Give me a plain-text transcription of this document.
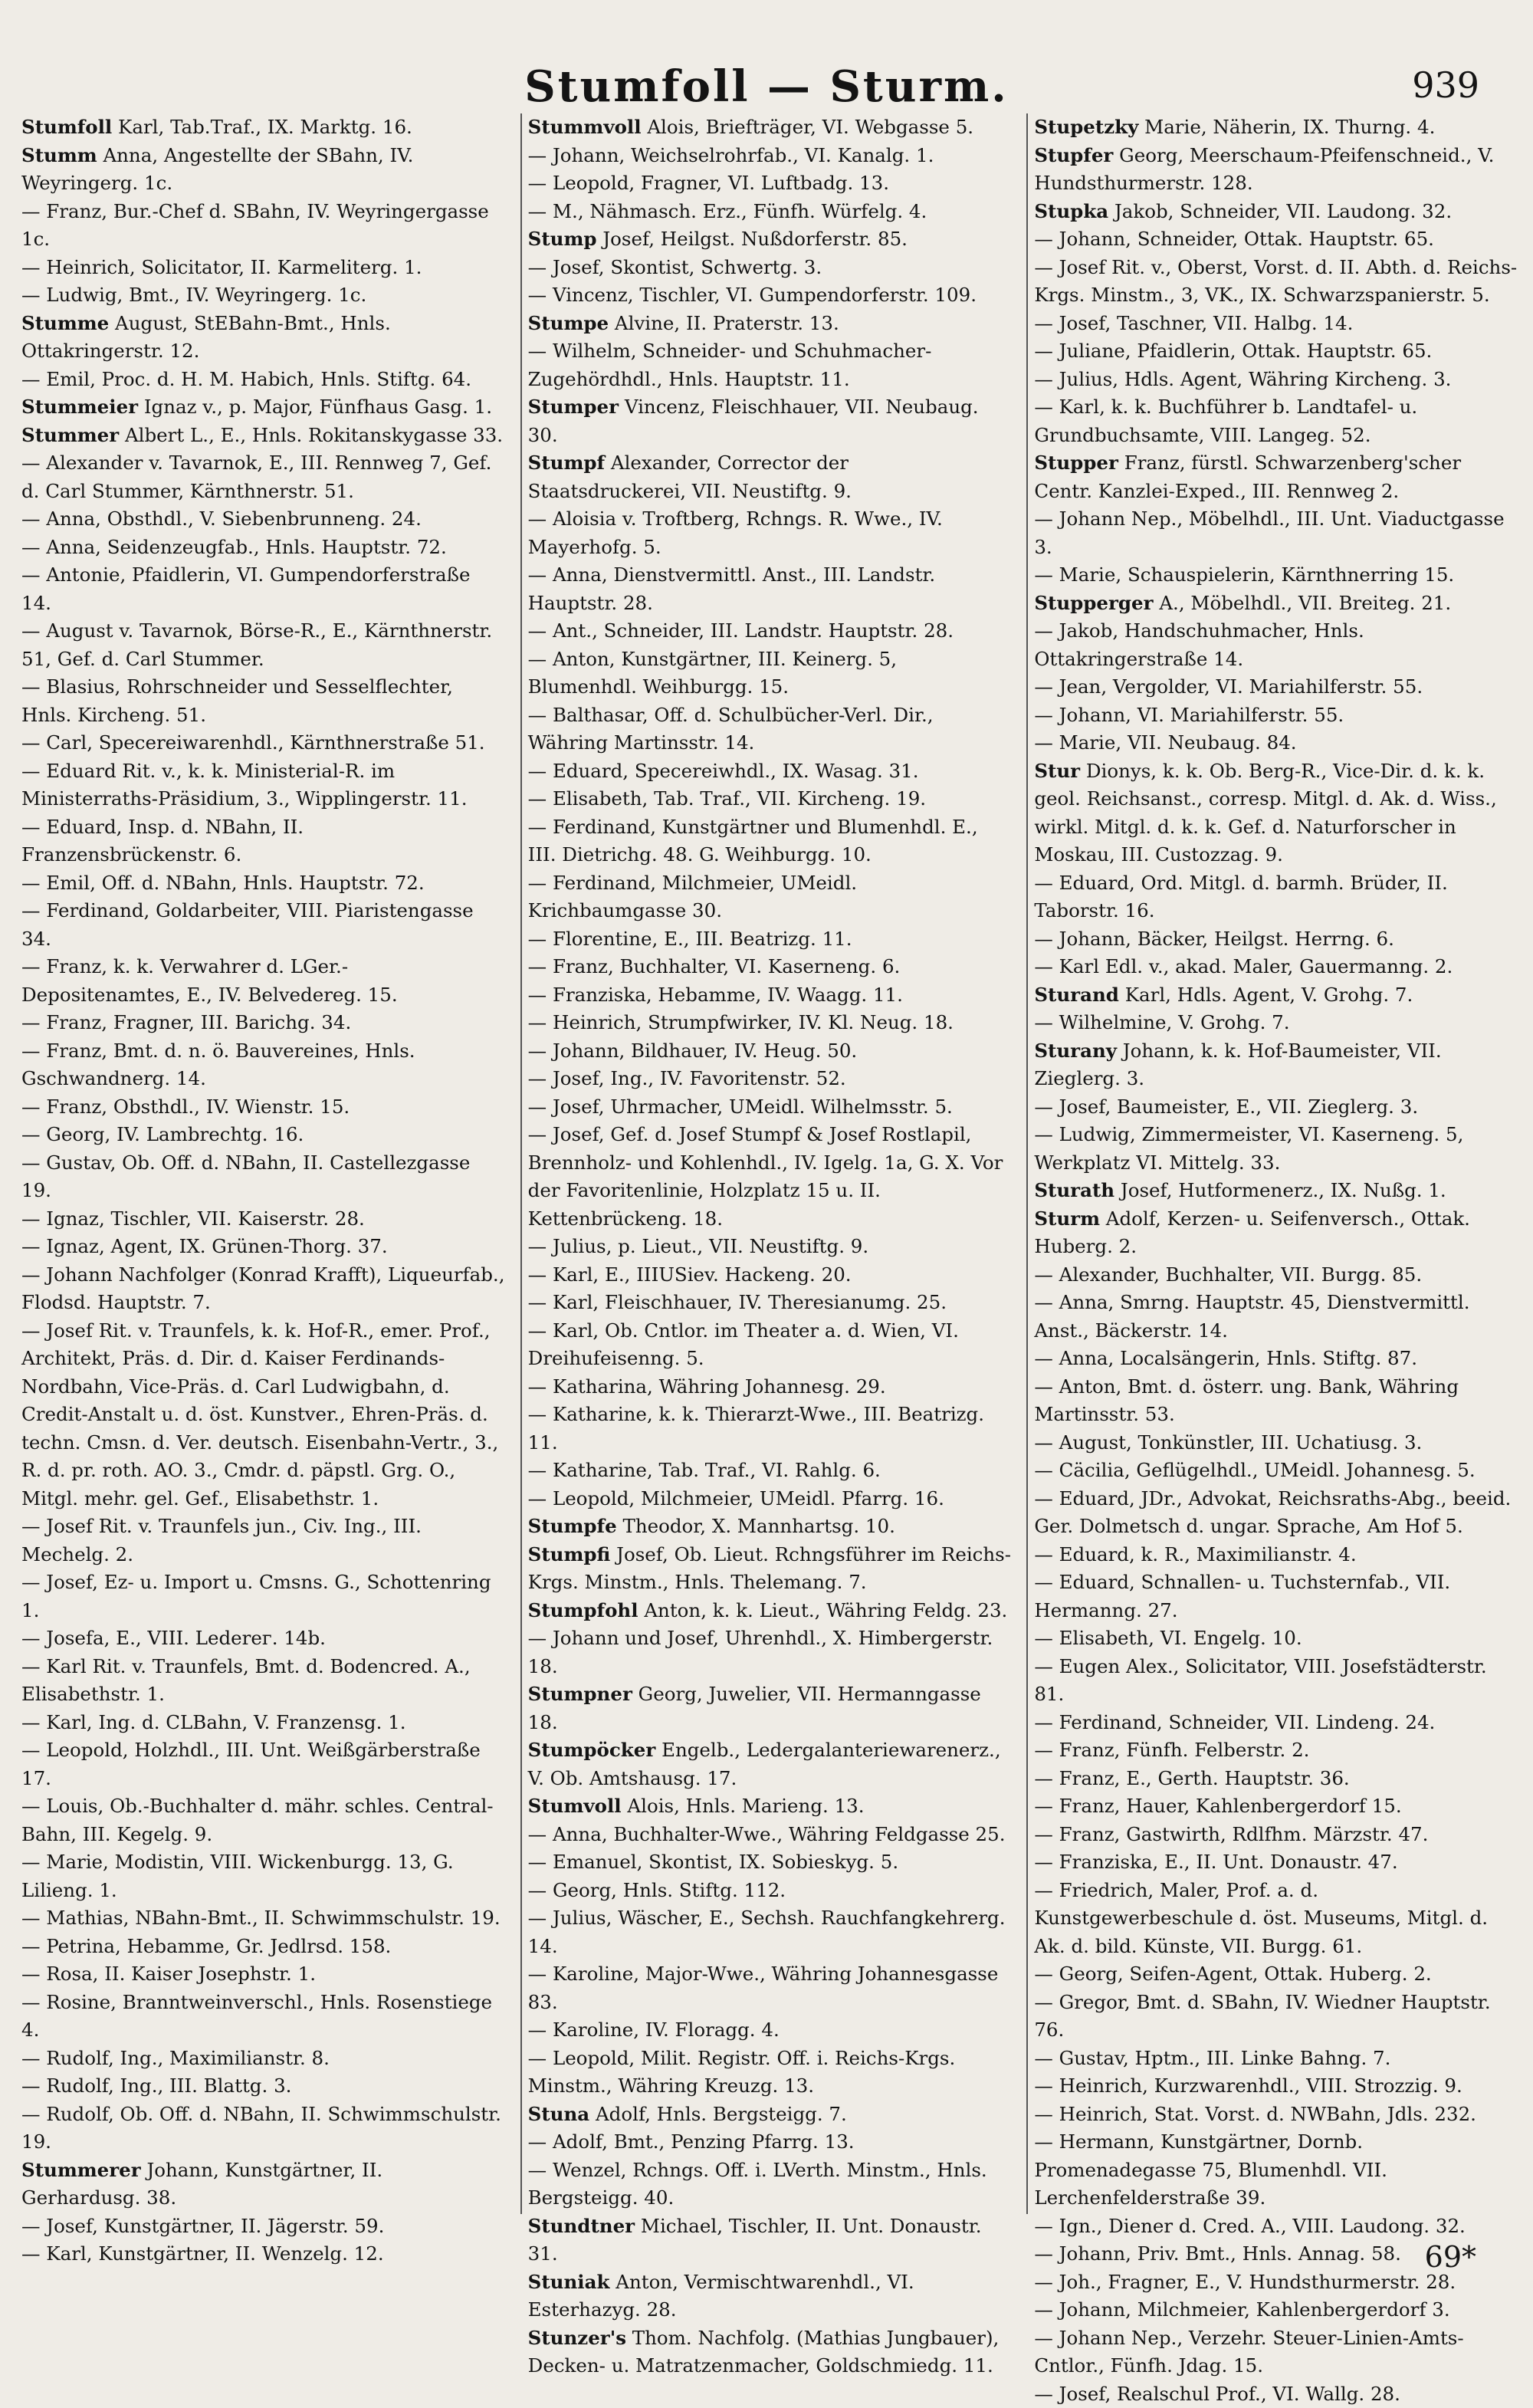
Stumfoll — Sturm.	939
Stumfoll Karl, Tab.Traf., IX. Marktg. 16.
Stumm Anna, Angestellte der SBahn, IV. Weyringerg. 1c.
— Franz, Bur.-Chef d. SBahn, IV. Weyringergasse 1c.
— Heinrich, Solicitator, II. Karmeliterg. 1.
— Ludwig, Bmt., IV. Weyringerg. 1c.
Stumme August, StEBahn-Bmt., Hnls. Ottakringerstr. 12.
— Emil, Proc. d. H. M. Habich, Hnls. Stiftg. 64.
Stummeier Ignaz v., p. Major, Fünfhaus Gasg. 1.
Stummer Albert L., E., Hnls. Rokitanskygasse 33.
— Alexander v. Tavarnok, E., III. Rennweg 7, Gef. d. Carl Stummer, Kärnthnerstr. 51.
— Anna, Obsthdl., V. Siebenbrunneng. 24.
— Anna, Seidenzeugfab., Hnls. Hauptstr. 72.
— Antonie, Pfaidlerin, VI. Gumpendorferstraße 14.
— August v. Tavarnok, Börse-R., E., Kärnthnerstr. 51, Gef. d. Carl Stummer.
— Blasius, Rohrschneider und Sesselflechter, Hnls. Kircheng. 51.
— Carl, Specereiwarenhdl., Kärnthnerstraße 51.
— Eduard Rit. v., k. k. Ministerial-R. im Ministerraths-Präsidium, 3., Wipplingerstr. 11.
— Eduard, Insp. d. NBahn, II. Franzensbrückenstr. 6.
— Emil, Off. d. NBahn, Hnls. Hauptstr. 72.
— Ferdinand, Goldarbeiter, VIII. Piaristengasse 34.
— Franz, k. k. Verwahrer d. LGer.-Depositenamtes, E., IV. Belvedereg. 15.
— Franz, Fragner, III. Barichg. 34.
— Franz, Bmt. d. n. ö. Bauvereines, Hnls. Gschwandnerg. 14.
— Franz, Obsthdl., IV. Wienstr. 15.
— Georg, IV. Lambrechtg. 16.
— Gustav, Ob. Off. d. NBahn, II. Castellezgasse 19.
— Ignaz, Tischler, VII. Kaiserstr. 28.
— Ignaz, Agent, IX. Grünen-Thorg. 37.
— Johann Nachfolger (Konrad Krafft), Liqueurfab., Flodsd. Hauptstr. 7.
— Josef Rit. v. Traunfels, k. k. Hof-R., emer. Prof., Architekt, Präs. d. Dir. d. Kaiser Ferdinands-Nordbahn, Vice-Präs. d. Carl Ludwigbahn, d. Credit-Anstalt u. d. öst. Kunstver., Ehren-Präs. d. techn. Cmsn. d. Ver. deutsch. Eisenbahn-Vertr., 3., R. d. pr. roth. AO. 3., Cmdr. d. päpstl. Grg. O., Mitgl. mehr. gel. Gef., Elisabethstr. 1.
— Josef Rit. v. Traunfels jun., Civ. Ing., III. Mechelg. 2.
— Josef, Ez- u. Import u. Cmsns. G., Schottenring 1.
— Josefa, E., VIII. Lederег. 14b.
— Karl Rit. v. Traunfels, Bmt. d. Bodencred. A., Elisabethstr. 1.
— Karl, Ing. d. CLBahn, V. Franzensg. 1.
— Leopold, Holzhdl., III. Unt. Weißgärberstraße 17.
— Louis, Ob.-Buchhalter d. mähr. schles. Central-Bahn, III. Kegelg. 9.
— Marie, Modistin, VIII. Wickenburgg. 13, G. Lilieng. 1.
— Mathias, NBahn-Bmt., II. Schwimmschulstr. 19.
— Petrina, Hebamme, Gr. Jedlrsd. 158.
— Rosa, II. Kaiser Josephstr. 1.
— Rosine, Branntweinverschl., Hnls. Rosenstiege 4.
— Rudolf, Ing., Maximilianstr. 8.
— Rudolf, Ing., III. Blattg. 3.
— Rudolf, Ob. Off. d. NBahn, II. Schwimmschulstr. 19.
Stummerer Johann, Kunstgärtner, II. Gerhardusg. 38.
— Josef, Kunstgärtner, II. Jägerstr. 59.
— Karl, Kunstgärtner, II. Wenzelg. 12.
Stummvoll Alois, Briefträger, VI. Webgasse 5.
— Johann, Weichselrohrfab., VI. Kanalg. 1.
— Leopold, Fragner, VI. Luftbadg. 13.
— M., Nähmasch. Erz., Fünfh. Würfelg. 4.
Stump Josef, Heilgst. Nußdorferstr. 85.
— Josef, Skontist, Schwertg. 3.
— Vincenz, Tischler, VI. Gumpendorferstr. 109.
Stumpe Alvine, II. Praterstr. 13.
— Wilhelm, Schneider- und Schuhmacher-Zugehördhdl., Hnls. Hauptstr. 11.
Stumper Vincenz, Fleischhauer, VII. Neubaug. 30.
Stumpf Alexander, Corrector der Staatsdruckerei, VII. Neustiftg. 9.
— Aloisia v. Troftberg, Rchngs. R. Wwe., IV. Mayerhofg. 5.
— Anna, Dienstvermittl. Anst., III. Landstr. Hauptstr. 28.
— Ant., Schneider, III. Landstr. Hauptstr. 28.
— Anton, Kunstgärtner, III. Keinerg. 5, Blumenhdl. Weihburgg. 15.
— Balthasar, Off. d. Schulbücher-Verl. Dir., Währing Martinsstr. 14.
— Eduard, Specereiwhdl., IX. Wasag. 31.
— Elisabeth, Tab. Traf., VII. Kircheng. 19.
— Ferdinand, Kunstgärtner und Blumenhdl. E., III. Dietrichg. 48. G. Weihburgg. 10.
— Ferdinand, Milchmeier, UMeidl. Krichbaumgasse 30.
— Florentine, E., III. Beatrizg. 11.
— Franz, Buchhalter, VI. Kaserneng. 6.
— Franziska, Hebamme, IV. Waagg. 11.
— Heinrich, Strumpfwirker, IV. Kl. Neug. 18.
— Johann, Bildhauer, IV. Heug. 50.
— Josef, Ing., IV. Favoritenstr. 52.
— Josef, Uhrmacher, UMeidl. Wilhelmsstr. 5.
— Josef, Gef. d. Josef Stumpf & Josef Rostlapil, Brennholz- und Kohlenhdl., IV. Igelg. 1a, G. X. Vor der Favoritenlinie, Holzplatz 15 u. II. Kettenbrückeng. 18.
— Julius, p. Lieut., VII. Neustiftg. 9.
— Karl, E., IIIUSiev. Hackeng. 20.
— Karl, Fleischhauer, IV. Theresianumg. 25.
— Karl, Ob. Cntlor. im Theater a. d. Wien, VI. Dreihufeisenng. 5.
— Katharina, Währing Johannesg. 29.
— Katharine, k. k. Thierarzt-Wwe., III. Beatrizg. 11.
— Katharine, Tab. Traf., VI. Rahlg. 6.
— Leopold, Milchmeier, UMeidl. Pfarrg. 16.
Stumpfe Theodor, X. Mannhartsg. 10.
Stumpfi Josef, Ob. Lieut. Rchngsführer im Reichs-Krgs. Minstm., Hnls. Thelemang. 7.
Stumpfohl Anton, k. k. Lieut., Währing Feldg. 23.
— Johann und Josef, Uhrenhdl., X. Himbergerstr. 18.
Stumpner Georg, Juwelier, VII. Hermanngasse 18.
Stumpöcker Engelb., Ledergalanteriewarenerz., V. Ob. Amtshausg. 17.
Stumvoll Alois, Hnls. Marieng. 13.
— Anna, Buchhalter-Wwe., Währing Feldgasse 25.
— Emanuel, Skontist, IX. Sobieskyg. 5.
— Georg, Hnls. Stiftg. 112.
— Julius, Wäscher, E., Sechsh. Rauchfangkehrerg. 14.
— Karoline, Major-Wwe., Währing Johannesgasse 83.
— Karoline, IV. Floragg. 4.
— Leopold, Milit. Registr. Off. i. Reichs-Krgs. Minstm., Währing Kreuzg. 13.
Stuna Adolf, Hnls. Bergsteigg. 7.
— Adolf, Bmt., Penzing Pfarrg. 13.
— Wenzel, Rchngs. Off. i. LVerth. Minstm., Hnls. Bergsteigg. 40.
Stundtner Michael, Tischler, II. Unt. Donaustr. 31.
Stuniak Anton, Vermischtwarenhdl., VI. Esterhazyg. 28.
Stunzer's Thom. Nachfolg. (Mathias Jungbauer), Decken- u. Matratzenmacher, Goldschmiedg. 11.
Stupetzky Marie, Näherin, IX. Thurng. 4.
Stupfer Georg, Meerschaum-Pfeifenschneid., V. Hundsthurmerstr. 128.
Stupka Jakob, Schneider, VII. Laudong. 32.
— Johann, Schneider, Ottak. Hauptstr. 65.
— Josef Rit. v., Oberst, Vorst. d. II. Abth. d. Reichs-Krgs. Minstm., 3, VK., IX. Schwarzspanierstr. 5.
— Josef, Taschner, VII. Halbg. 14.
— Juliane, Pfaidlerin, Ottak. Hauptstr. 65.
— Julius, Hdls. Agent, Währing Kircheng. 3.
— Karl, k. k. Buchführer b. Landtafel- u. Grundbuchsamte, VIII. Langeg. 52.
Stupper Franz, fürstl. Schwarzenberg'scher Centr. Kanzlei-Exped., III. Rennweg 2.
— Johann Nep., Möbelhdl., III. Unt. Viaductgasse 3.
— Marie, Schauspielerin, Kärnthnerring 15.
Stupperger A., Möbelhdl., VII. Breiteg. 21.
— Jakob, Handschuhmacher, Hnls. Ottakringerstraße 14.
— Jean, Vergolder, VI. Mariahilferstr. 55.
— Johann, VI. Mariahilferstr. 55.
— Marie, VII. Neubaug. 84.
Stur Dionys, k. k. Ob. Berg-R., Vice-Dir. d. k. k. geol. Reichsanst., corresp. Mitgl. d. Ak. d. Wiss., wirkl. Mitgl. d. k. k. Gef. d. Naturforscher in Moskau, III. Custozzag. 9.
— Eduard, Ord. Mitgl. d. barmh. Brüder, II. Taborstr. 16.
— Johann, Bäcker, Heilgst. Herrng. 6.
— Karl Edl. v., akad. Maler, Gauermanng. 2.
Sturand Karl, Hdls. Agent, V. Grohg. 7.
— Wilhelmine, V. Grohg. 7.
Sturany Johann, k. k. Hof-Baumeister, VII. Zieglerg. 3.
— Josef, Baumeister, E., VII. Zieglerg. 3.
— Ludwig, Zimmermeister, VI. Kaserneng. 5, Werkplatz VI. Mittelg. 33.
Sturath Josef, Hutformenerz., IX. Nußg. 1.
Sturm Adolf, Kerzen- u. Seifenversch., Ottak. Huberg. 2.
— Alexander, Buchhalter, VII. Burgg. 85.
— Anna, Smrng. Hauptstr. 45, Dienstvermittl. Anst., Bäckerstr. 14.
— Anna, Localsängerin, Hnls. Stiftg. 87.
— Anton, Bmt. d. österr. ung. Bank, Währing Martinsstr. 53.
— August, Tonkünstler, III. Uchatiusg. 3.
— Cäcilia, Geflügelhdl., UMeidl. Johannesg. 5.
— Eduard, JDr., Advokat, Reichsraths-Abg., beeid. Ger. Dolmetsch d. ungar. Sprache, Am Hof 5.
— Eduard, k. R., Maximilianstr. 4.
— Eduard, Schnallen- u. Tuchsternfab., VII. Hermanng. 27.
— Elisabeth, VI. Engelg. 10.
— Eugen Alex., Solicitator, VIII. Josefstädterstr. 81.
— Ferdinand, Schneider, VII. Lindeng. 24.
— Franz, Fünfh. Felberstr. 2.
— Franz, E., Gerth. Hauptstr. 36.
— Franz, Hauer, Kahlenbergerdorf 15.
— Franz, Gastwirth, Rdlfhm. Märzstr. 47.
— Franziska, E., II. Unt. Donaustr. 47.
— Friedrich, Maler, Prof. a. d. Kunstgewerbeschule d. öst. Museums, Mitgl. d. Ak. d. bild. Künste, VII. Burgg. 61.
— Georg, Seifen-Agent, Ottak. Huberg. 2.
— Gregor, Bmt. d. SBahn, IV. Wiedner Hauptstr. 76.
— Gustav, Hptm., III. Linke Bahng. 7.
— Heinrich, Kurzwarenhdl., VIII. Strozzig. 9.
— Heinrich, Stat. Vorst. d. NWBahn, Jdls. 232.
— Hermann, Kunstgärtner, Dornb. Promenadegasse 75, Blumenhdl. VII. Lerchenfelderstraße 39.
— Ign., Diener d. Cred. A., VIII. Laudong. 32.
— Johann, Priv. Bmt., Hnls. Annag. 58.
— Joh., Fragner, E., V. Hundsthurmerstr. 28.
— Johann, Milchmeier, Kahlenbergerdorf 3.
— Johann Nep., Verzehr. Steuer-Linien-Amts-Cntlor., Fünfh. Jdag. 15.
— Josef, Realschul Prof., VI. Wallg. 28.
69*
